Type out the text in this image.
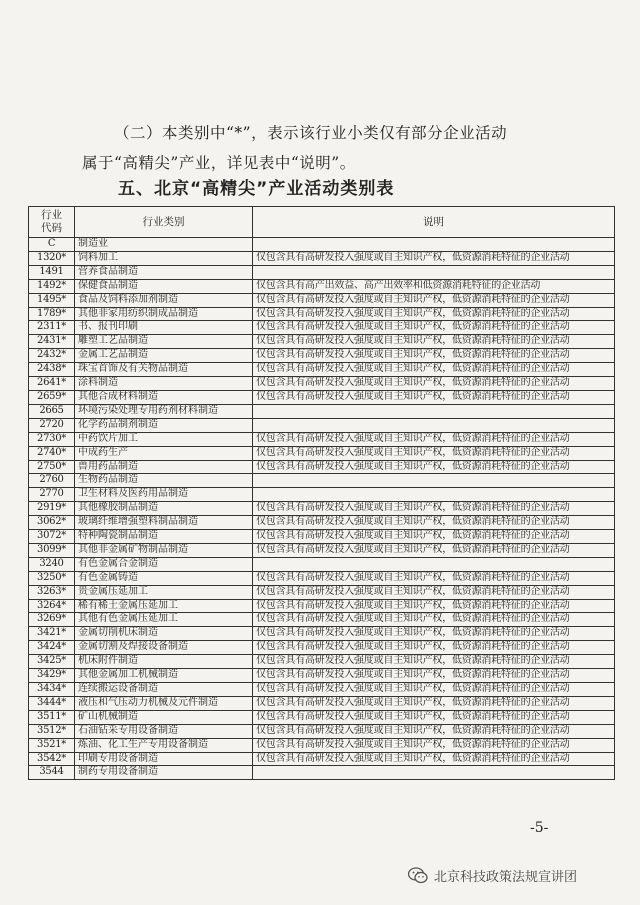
（二）本类别中“*”，表示该行业小类仅有部分企业活动
属于“高精尖”产业，详见表中“说明”。
五、北京“高精尖”产业活动类别表
行业代码	行业类别	说明
C	制造业	
1320*	饲料加工	仅包含具有高研发投入强度或自主知识产权，低资源消耗特征的企业活动
1491	营养食品制造	
1492*	保健食品制造	仅包含具有高产出效益、高产出效率和低资源消耗特征的企业活动
1495*	食品及饲料添加剂制造	仅包含具有高研发投入强度或自主知识产权，低资源消耗特征的企业活动
1789*	其他非家用纺织制成品制造	仅包含具有高研发投入强度或自主知识产权，低资源消耗特征的企业活动
2311*	书、报刊印刷	仅包含具有高研发投入强度或自主知识产权，低资源消耗特征的企业活动
2431*	雕塑工艺品制造	仅包含具有高研发投入强度或自主知识产权，低资源消耗特征的企业活动
2432*	金属工艺品制造	仅包含具有高研发投入强度或自主知识产权，低资源消耗特征的企业活动
2438*	珠宝首饰及有关物品制造	仅包含具有高研发投入强度或自主知识产权，低资源消耗特征的企业活动
2641*	涂料制造	仅包含具有高研发投入强度或自主知识产权，低资源消耗特征的企业活动
2659*	其他合成材料制造	仅包含具有高研发投入强度或自主知识产权，低资源消耗特征的企业活动
2665	环境污染处理专用药剂材料制造	
2720	化学药品制剂制造	
2730*	中药饮片加工	仅包含具有高研发投入强度或自主知识产权，低资源消耗特征的企业活动
2740*	中成药生产	仅包含具有高研发投入强度或自主知识产权，低资源消耗特征的企业活动
2750*	兽用药品制造	仅包含具有高研发投入强度或自主知识产权，低资源消耗特征的企业活动
2760	生物药品制造	
2770	卫生材料及医药用品制造	
2919*	其他橡胶制品制造	仅包含具有高研发投入强度或自主知识产权，低资源消耗特征的企业活动
3062*	玻璃纤维增强塑料制品制造	仅包含具有高研发投入强度或自主知识产权，低资源消耗特征的企业活动
3072*	特种陶瓷制品制造	仅包含具有高研发投入强度或自主知识产权，低资源消耗特征的企业活动
3099*	其他非金属矿物制品制造	仅包含具有高研发投入强度或自主知识产权，低资源消耗特征的企业活动
3240	有色金属合金制造	
3250*	有色金属铸造	仅包含具有高研发投入强度或自主知识产权，低资源消耗特征的企业活动
3263*	贵金属压延加工	仅包含具有高研发投入强度或自主知识产权，低资源消耗特征的企业活动
3264*	稀有稀土金属压延加工	仅包含具有高研发投入强度或自主知识产权，低资源消耗特征的企业活动
3269*	其他有色金属压延加工	仅包含具有高研发投入强度或自主知识产权，低资源消耗特征的企业活动
3421*	金属切削机床制造	仅包含具有高研发投入强度或自主知识产权，低资源消耗特征的企业活动
3424*	金属切割及焊接设备制造	仅包含具有高研发投入强度或自主知识产权，低资源消耗特征的企业活动
3425*	机床附件制造	仅包含具有高研发投入强度或自主知识产权，低资源消耗特征的企业活动
3429*	其他金属加工机械制造	仅包含具有高研发投入强度或自主知识产权，低资源消耗特征的企业活动
3434*	连续搬运设备制造	仅包含具有高研发投入强度或自主知识产权，低资源消耗特征的企业活动
3444*	液压和气压动力机械及元件制造	仅包含具有高研发投入强度或自主知识产权，低资源消耗特征的企业活动
3511*	矿山机械制造	仅包含具有高研发投入强度或自主知识产权，低资源消耗特征的企业活动
3512*	石油钻采专用设备制造	仅包含具有高研发投入强度或自主知识产权，低资源消耗特征的企业活动
3521*	炼油、化工生产专用设备制造	仅包含具有高研发投入强度或自主知识产权，低资源消耗特征的企业活动
3542*	印刷专用设备制造	仅包含具有高研发投入强度或自主知识产权，低资源消耗特征的企业活动
3544	制药专用设备制造	
-5-
北京科技政策法规宣讲团
